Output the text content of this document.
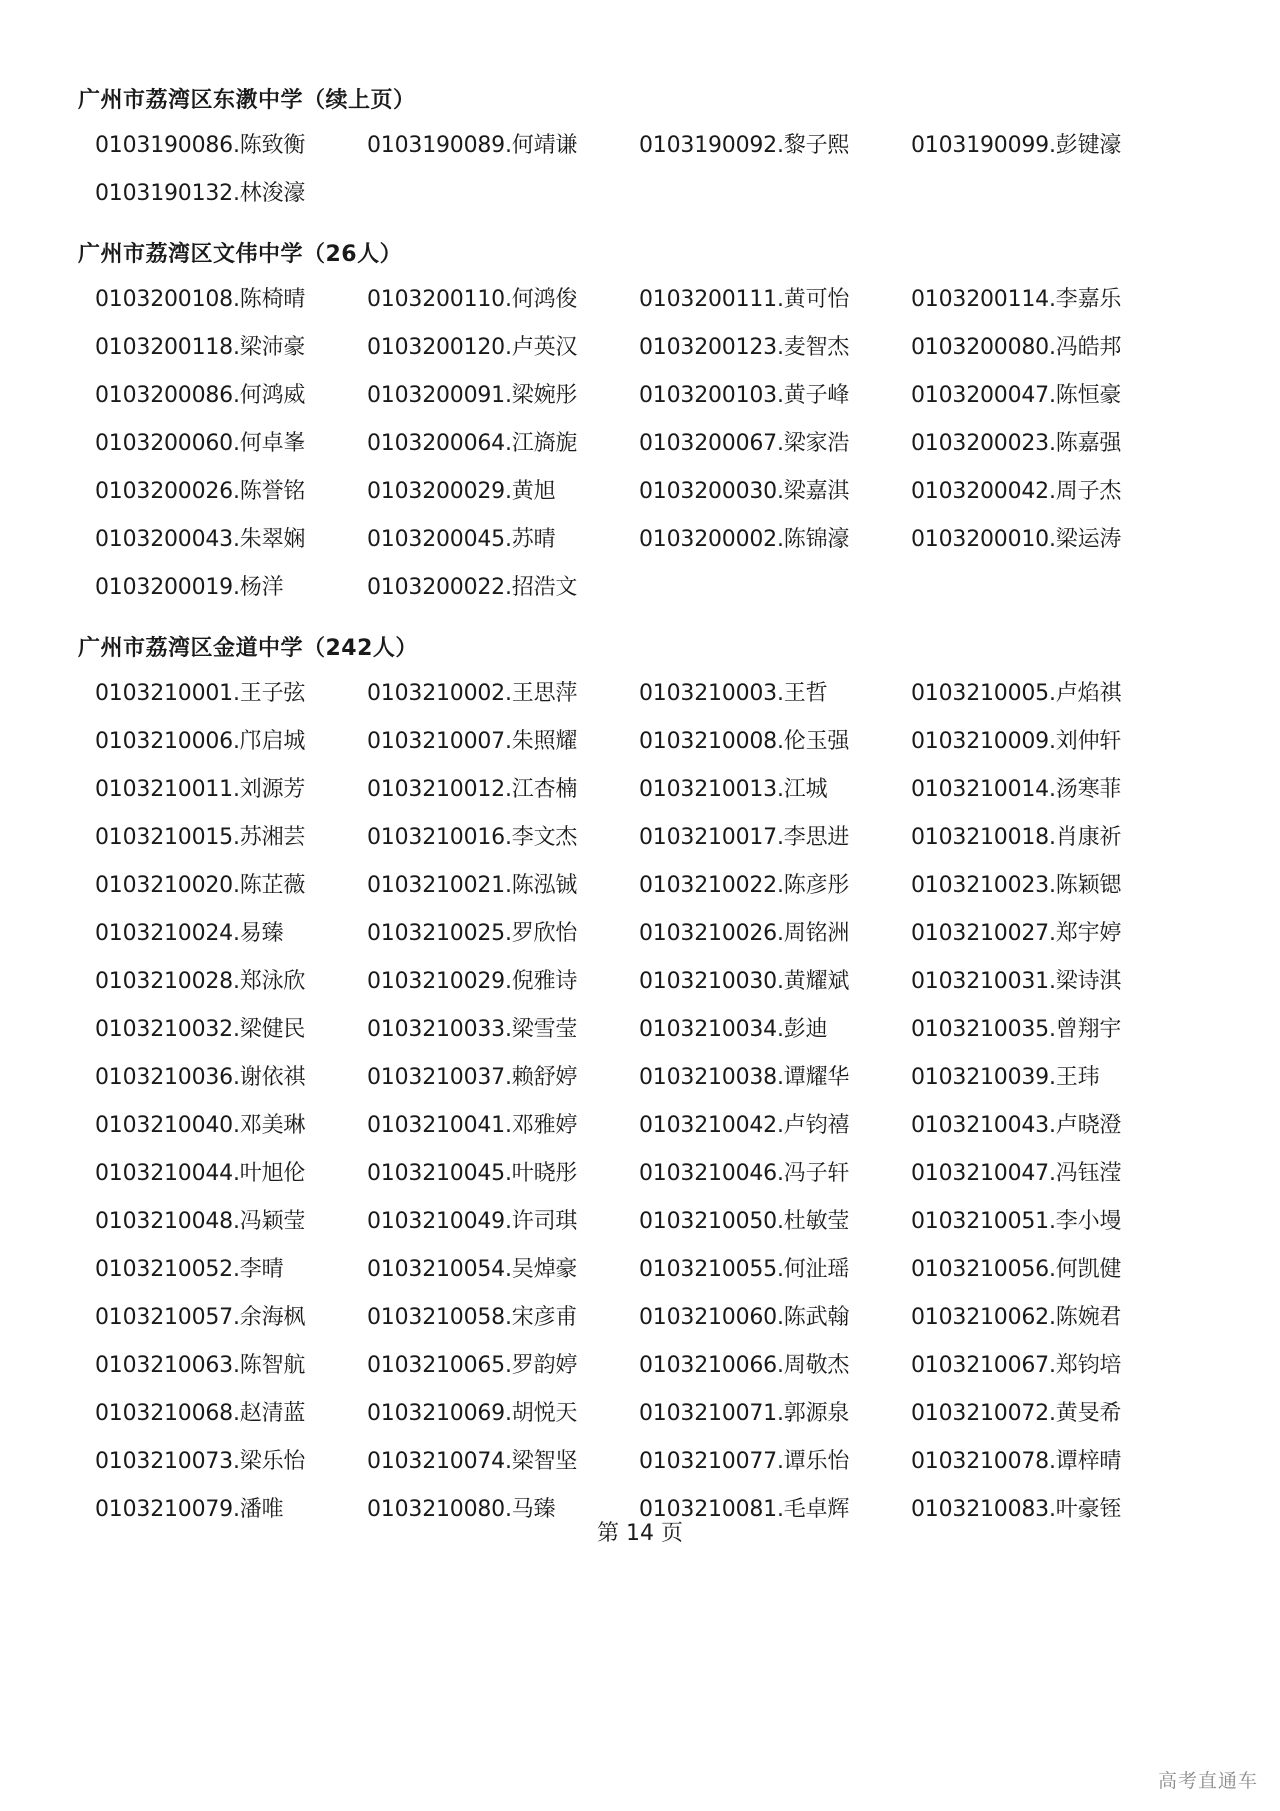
广州市荔湾区东漖中学（续上页）
0103190086.陈致衡	0103190089.何靖谦	0103190092.黎子熙	0103190099.彭键濠
0103190132.林浚濠
广州市荔湾区文伟中学（26人）
0103200108.陈椅晴	0103200110.何鸿俊	0103200111.黄可怡	0103200114.李嘉乐
0103200118.梁沛豪	0103200120.卢英汉	0103200123.麦智杰	0103200080.冯皓邦
0103200086.何鸿威	0103200091.梁婉彤	0103200103.黄子峰	0103200047.陈恒豪
0103200060.何卓峯	0103200064.江旖旎	0103200067.梁家浩	0103200023.陈嘉强
0103200026.陈誉铭	0103200029.黄旭	0103200030.梁嘉淇	0103200042.周子杰
0103200043.朱翠娴	0103200045.苏晴	0103200002.陈锦濠	0103200010.梁运涛
0103200019.杨洋	0103200022.招浩文
广州市荔湾区金道中学（242人）
0103210001.王子弦	0103210002.王思萍	0103210003.王哲	0103210005.卢焰祺
0103210006.邝启城	0103210007.朱照耀	0103210008.伦玉强	0103210009.刘仲轩
0103210011.刘源芳	0103210012.江杏楠	0103210013.江城	0103210014.汤寒菲
0103210015.苏湘芸	0103210016.李文杰	0103210017.李思进	0103210018.肖康祈
0103210020.陈芷薇	0103210021.陈泓铖	0103210022.陈彦彤	0103210023.陈颖锶
0103210024.易臻	0103210025.罗欣怡	0103210026.周铭洲	0103210027.郑宇婷
0103210028.郑泳欣	0103210029.倪雅诗	0103210030.黄耀斌	0103210031.梁诗淇
0103210032.梁健民	0103210033.梁雪莹	0103210034.彭迪	0103210035.曾翔宇
0103210036.谢依祺	0103210037.赖舒婷	0103210038.谭耀华	0103210039.王玮
0103210040.邓美琳	0103210041.邓雅婷	0103210042.卢钧禧	0103210043.卢晓澄
0103210044.叶旭伦	0103210045.叶晓彤	0103210046.冯子轩	0103210047.冯钰滢
0103210048.冯颖莹	0103210049.许司琪	0103210050.杜敏莹	0103210051.李小墁
0103210052.李晴	0103210054.吴焯豪	0103210055.何沚瑶	0103210056.何凯健
0103210057.余海枫	0103210058.宋彦甫	0103210060.陈武翰	0103210062.陈婉君
0103210063.陈智航	0103210065.罗韵婷	0103210066.周敬杰	0103210067.郑钧培
0103210068.赵清蓝	0103210069.胡悦天	0103210071.郭源泉	0103210072.黄旻希
0103210073.梁乐怡	0103210074.梁智坚	0103210077.谭乐怡	0103210078.谭梓晴
0103210079.潘唯	0103210080.马臻	0103210081.毛卓辉	0103210083.叶豪铚
第 14 页
高考直通车
